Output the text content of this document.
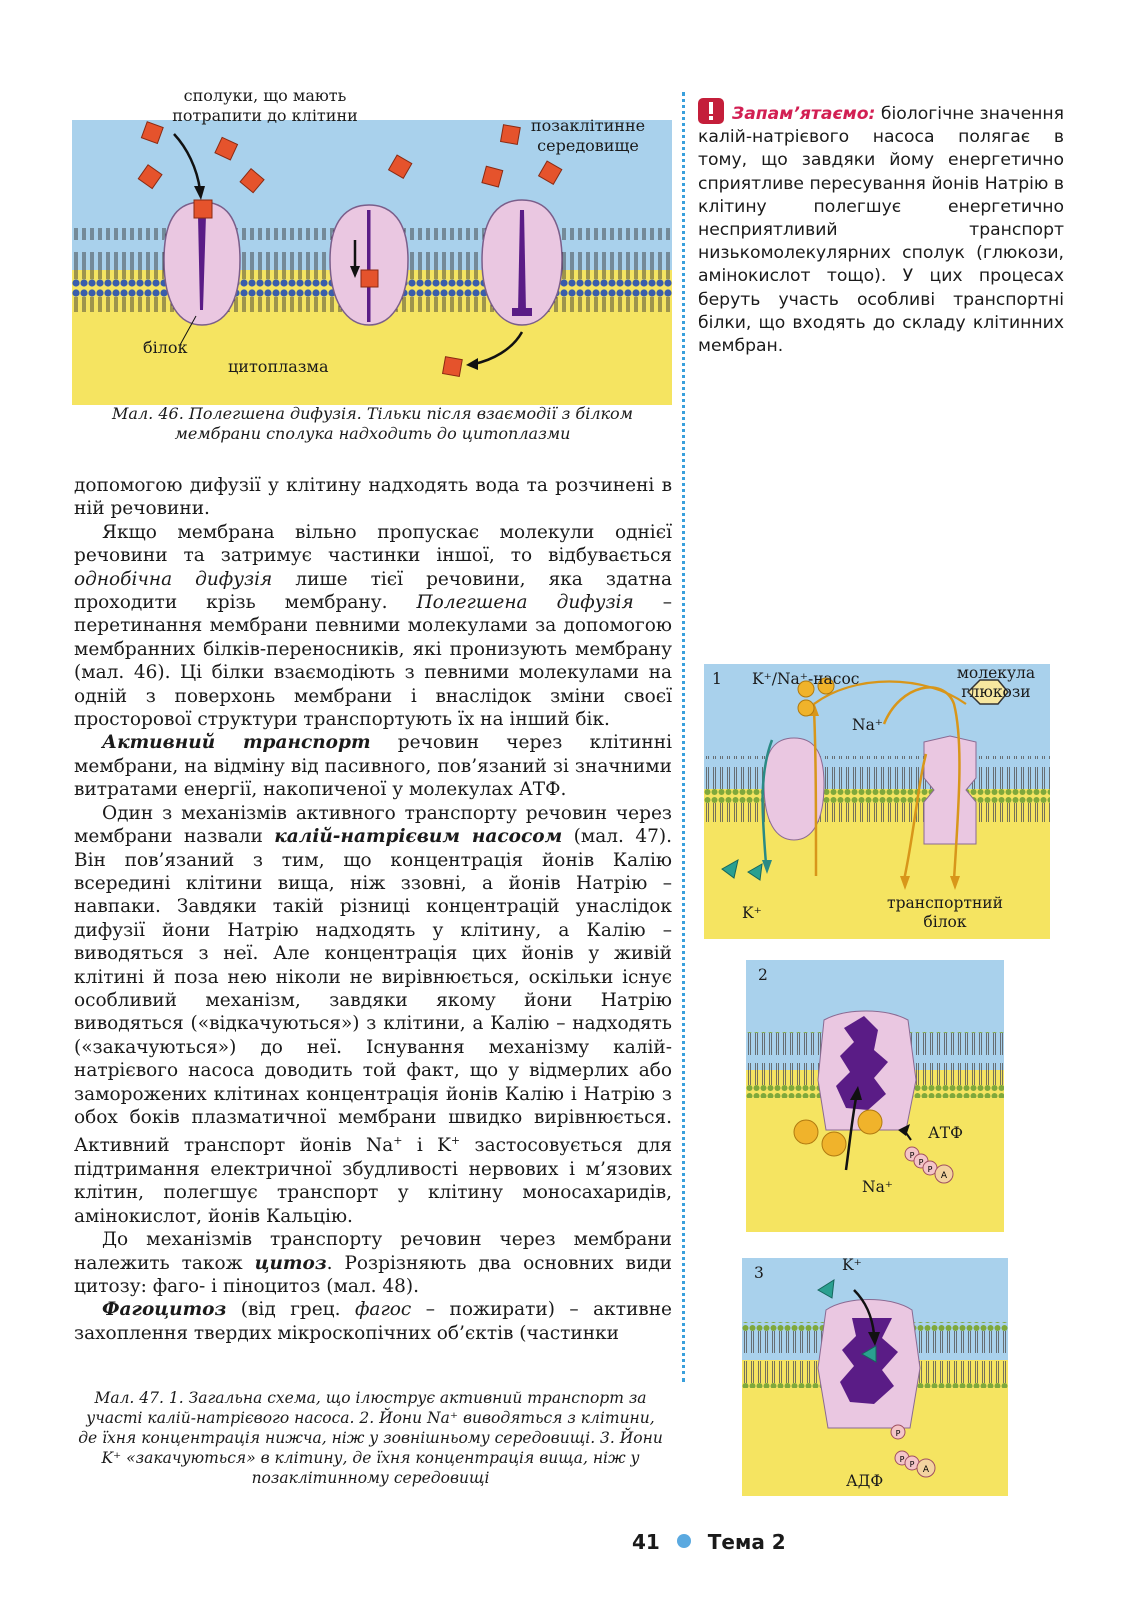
сполуки, що мають потрапити до клітини
позаклітинне середовище
білок
цитоплазма
Мал. 46. Полегшена дифузія. Тільки після взаємодії з білком мембрани сполука надходить до цитоплазми

допомогою дифузії у клітину надходять вода та розчинені в ній речовини.

Якщо мембрана вільно пропускає молекули однієї речовини та затримує частинки іншої, то відбувається однобічна дифузія лише тієї речовини, яка здатна проходити крізь мембрану. Полегшена дифузія – перетинання мембрани певними молекулами за допомогою мембранних білків-переносників, які пронизують мембрану (мал. 46). Ці білки взаємодіють з певними молекулами на одній з поверхонь мембрани і внаслідок зміни своєї просторової структури транспортують їх на інший бік.

Активний транспорт речовин через клітинні мембрани, на відміну від пасивного, пов’язаний зі значними витратами енергії, накопиченої у молекулах АТФ.

Один з механізмів активного транспорту речовин через мембрани назвали калій-натрієвим насосом (мал. 47). Він пов’язаний з тим, що концентрація йонів Калію всередині клітини вища, ніж ззовні, а йонів Натрію – навпаки. Завдяки такій різниці концентрацій унаслідок дифузії йони Натрію надходять у клітину, а Калію – виводяться з неї. Але концентрація цих йонів у живій клітині й поза нею ніколи не вирівнюється, оскільки існує особливий механізм, завдяки якому йони Натрію виводяться («відкачуються») з клітини, а Калію – надходять («закачуються») до неї. Існування механізму калій-натрієвого насоса доводить той факт, що у відмерлих або заморожених клітинах концентрація йонів Калію і Натрію з обох боків плазматичної мембрани швидко вирівнюється. Активний транспорт йонів Na+ і K+ застосовується для підтримання електричної збудливості нервових і м’язових клітин, полегшує транспорт у клітину моносахаридів, амінокислот, йонів Кальцію.

До механізмів транспорту речовин через мембрани належить також цитоз. Розрізняють два основних види цитозу: фаго- і піноцитоз (мал. 48).

Фагоцитоз (від грец. фагос – пожирати) – активне захоплення твердих мікроскопічних об’єктів (частинки

Мал. 47. 1. Загальна схема, що ілюструє активний транспорт за участі калій-натрієвого насоса. 2. Йони Na⁺ виводяться з клітини, де їхня концентрація нижча, ніж у зовнішньому середовищі. 3. Йони K⁺ «закачуються» в клітину, де їхня концентрація вища, ніж у позаклітинному середовищі
Запам’ятаємо: біологічне значення калій-натрієвого насоса полягає в тому, що завдяки йому енергетично сприятливе пересування йонів Натрію в клітину полегшує енергетично несприятливий транспорт низькомолекулярних сполук (глюкози, амінокислот тощо). У цих процесах беруть участь особливі транспортні білки, що входять до складу клітинних мембран.
1 K⁺/Na⁺-насос
Na⁺
молекула глюкози
K⁺
транспортний білок
P
P
P
A
2
АТФ
Na⁺
P
P
P
A
3	K⁺
АДФ
41 Тема 2
